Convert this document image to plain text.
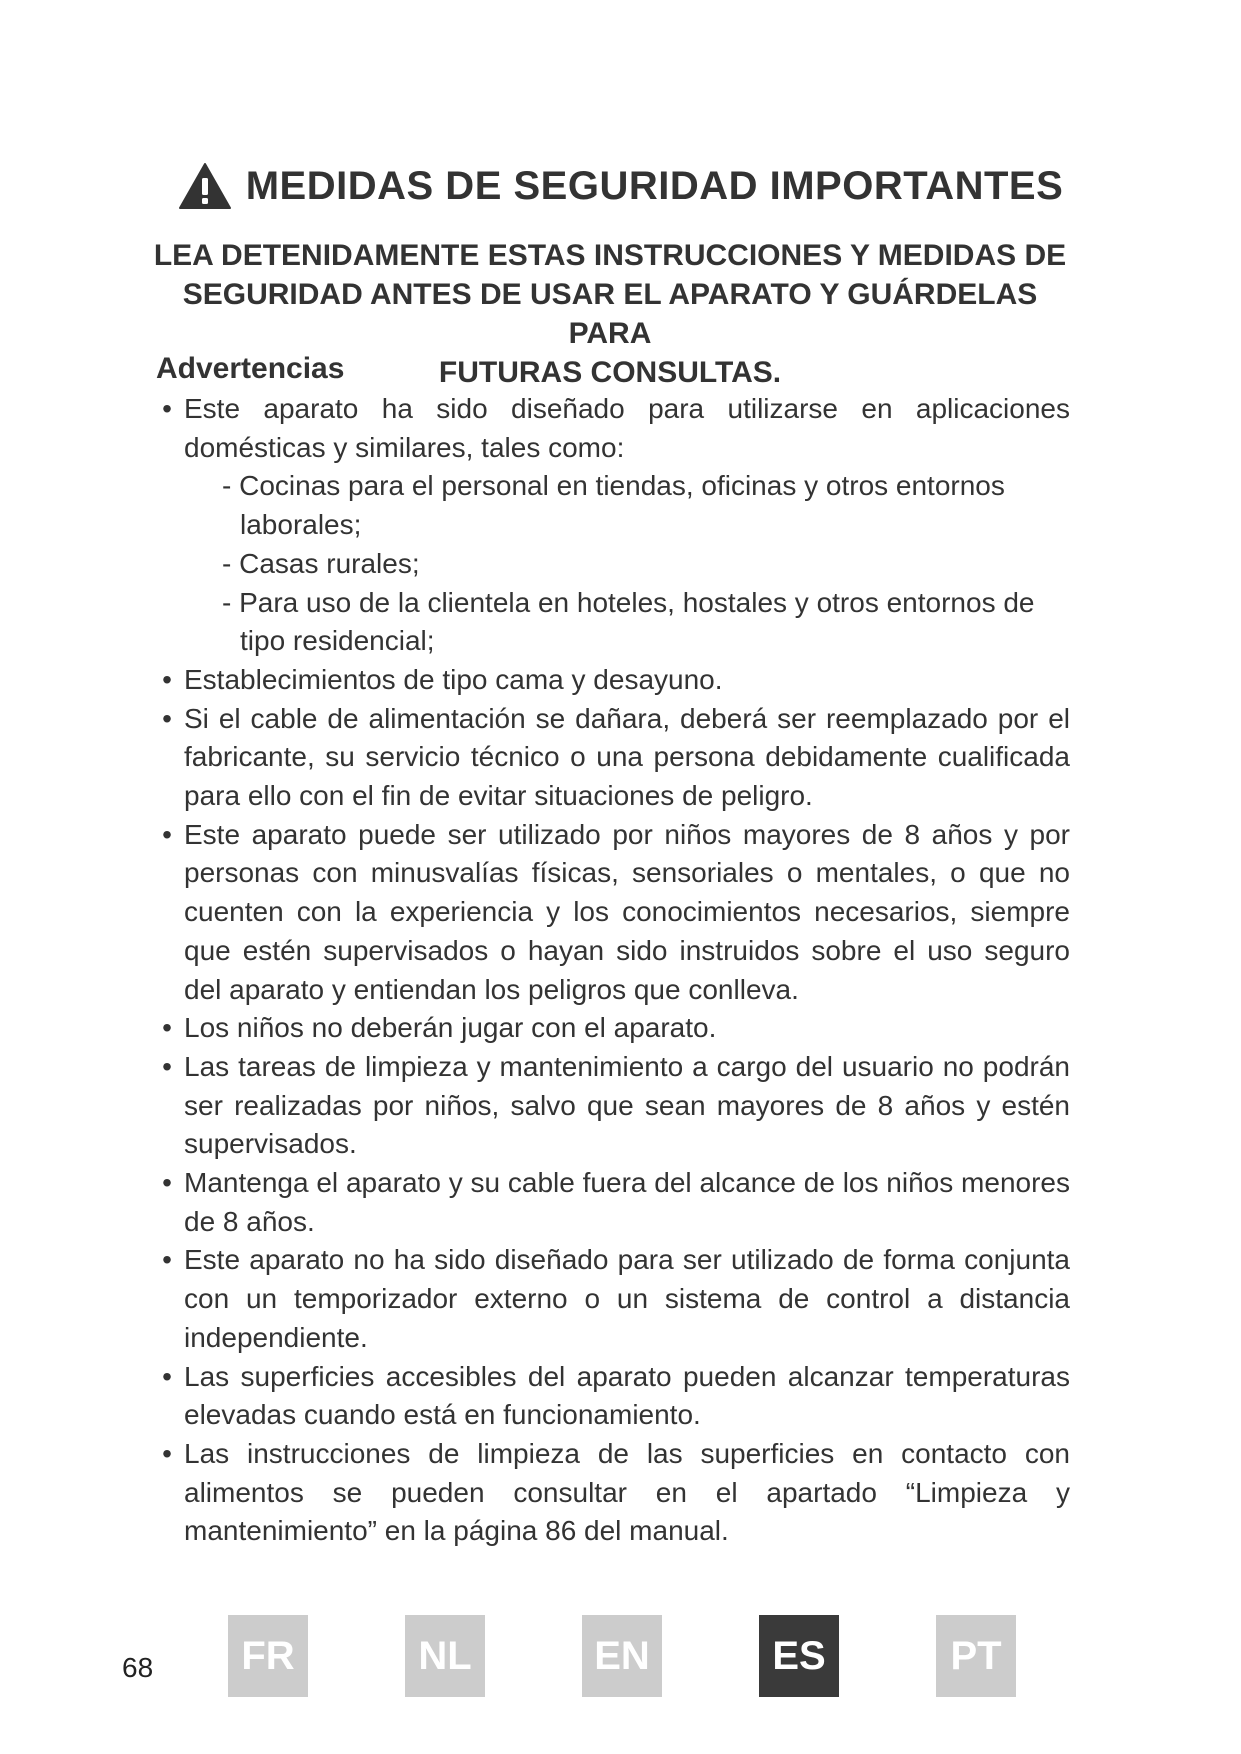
MEDIDAS DE SEGURIDAD IMPORTANTES
LEA DETENIDAMENTE ESTAS INSTRUCCIONES Y MEDIDAS DE
SEGURIDAD ANTES DE USAR EL APARATO Y GUÁRDELAS PARA
FUTURAS CONSULTAS.
Advertencias
• Este aparato ha sido diseñado para utilizarse en aplicaciones domésticas y similares, tales como:
- Cocinas para el personal en tiendas, oficinas y otros entornos laborales;
- Casas rurales;
- Para uso de la clientela en hoteles, hostales y otros entornos de tipo residencial;
• Establecimientos de tipo cama y desayuno.
• Si el cable de alimentación se dañara, deberá ser reemplazado por el fabricante, su servicio técnico o una persona debidamente cualificada para ello con el fin de evitar situaciones de peligro.
• Este aparato puede ser utilizado por niños mayores de 8 años y por personas con minusvalías físicas, sensoriales o mentales, o que no cuenten con la experiencia y los conocimientos necesarios, siempre que estén supervisados o hayan sido instruidos sobre el uso seguro del aparato y entiendan los peligros que conlleva.
• Los niños no deberán jugar con el aparato.
• Las tareas de limpieza y mantenimiento a cargo del usuario no podrán ser realizadas por niños, salvo que sean mayores de 8 años y estén supervisados.
• Mantenga el aparato y su cable fuera del alcance de los niños menores de 8 años.
• Este aparato no ha sido diseñado para ser utilizado de forma conjunta con un temporizador externo o un sistema de control a distancia independiente.
• Las superficies accesibles del aparato pueden alcanzar temperaturas elevadas cuando está en funcionamiento.
• Las instrucciones de limpieza de las superficies en contacto con alimentos se pueden consultar en el apartado “Limpieza y mantenimiento” en la página 86 del manual.
68 FR	NL	EN	ES	PT
